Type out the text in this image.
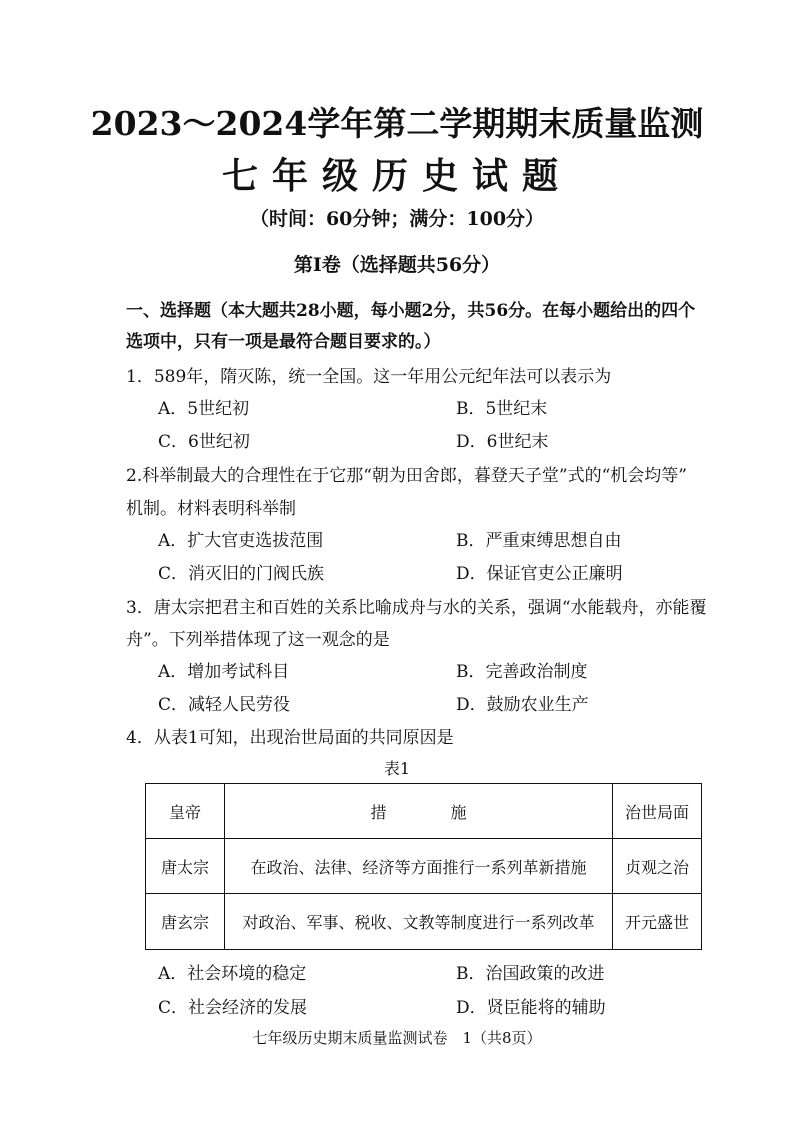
2023～2024学年第二学期期末质量监测
七年级历史试题
（时间：60分钟；满分：100分）
第Ⅰ卷（选择题共56分）
一、选择题（本大题共28小题，每小题2分，共56分。在每小题给出的四个
选项中，只有一项是最符合题目要求的。）
1．589年，隋灭陈，统一全国。这一年用公元纪年法可以表示为
A．5世纪初	B．5世纪末
C．6世纪初	D．6世纪末
2.科举制最大的合理性在于它那“朝为田舍郎，暮登天子堂”式的“机会均等”
机制。材料表明科举制
A．扩大官吏选拔范围	B．严重束缚思想自由
C．消灭旧的门阀氏族	D．保证官吏公正廉明
3．唐太宗把君主和百姓的关系比喻成舟与水的关系，强调“水能载舟，亦能覆
舟”。下列举措体现了这一观念的是
A．增加考试科目	B．完善政治制度
C．减轻人民劳役	D．鼓励农业生产
4．从表1可知，出现治世局面的共同原因是
表1
皇帝	措　　　　施	治世局面
唐太宗	在政治、法律、经济等方面推行一系列革新措施	贞观之治
唐玄宗	对政治、军事、税收、文教等制度进行一系列改革	开元盛世
A．社会环境的稳定	B．治国政策的改进
C．社会经济的发展	D．贤臣能将的辅助
七年级历史期末质量监测试卷　1（共8页）
